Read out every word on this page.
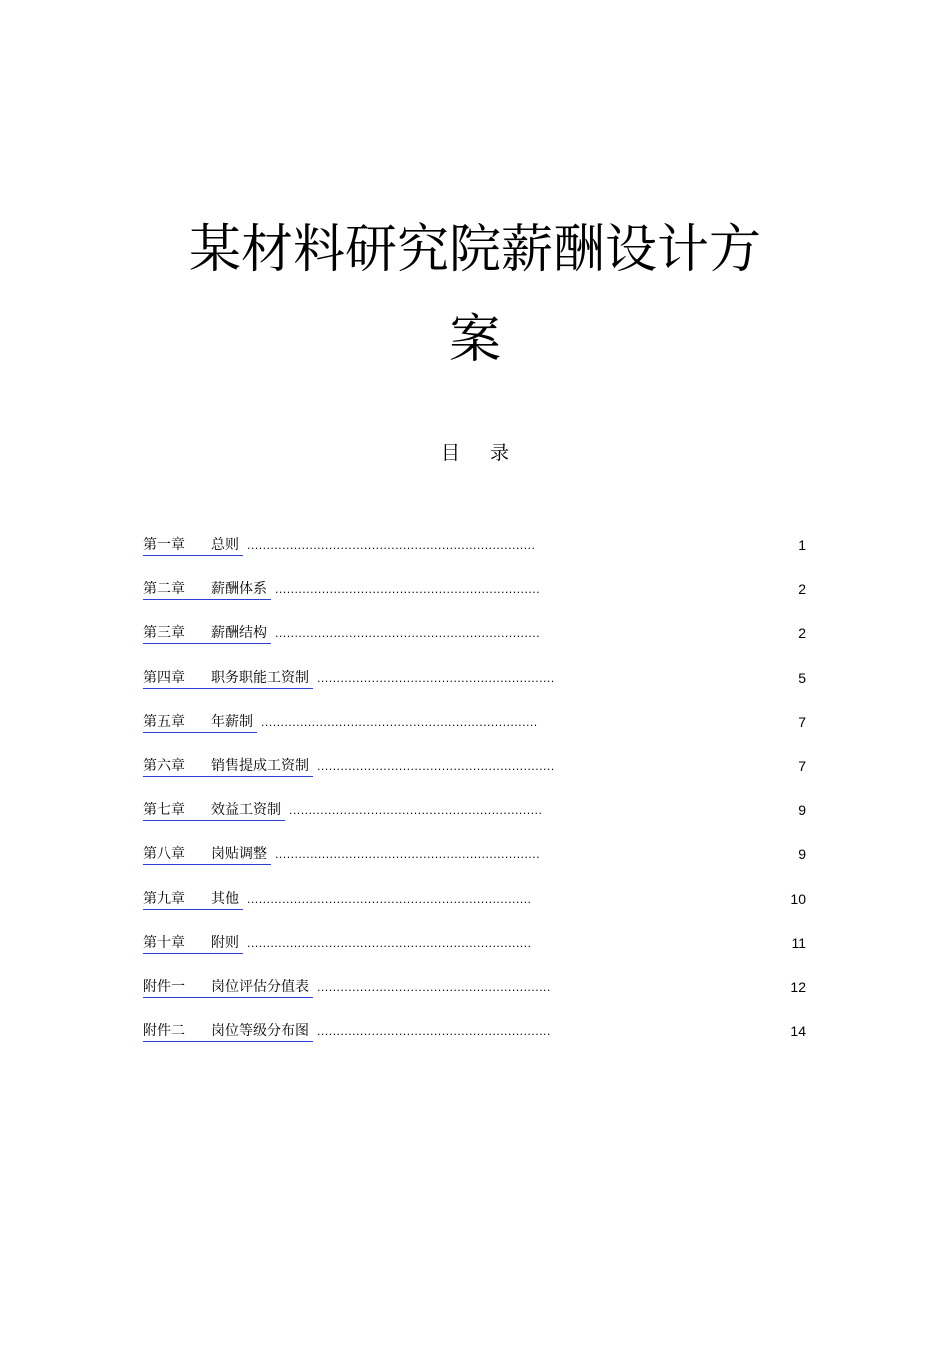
某材料研究院薪酬设计方
案
目录
第一章 总则 ..........................................................................	1
第二章 薪酬体系 ....................................................................	2
第三章 薪酬结构 ....................................................................	2
第四章 职务职能工资制 .............................................................	5
第五章 年薪制 .......................................................................	7
第六章 销售提成工资制 .............................................................	7
第七章 效益工资制 .................................................................	9
第八章 岗贴调整 ....................................................................	9
第九章 其他 .........................................................................	10
第十章 附则 .........................................................................	11
附件一 岗位评估分值表 ............................................................	12
附件二 岗位等级分布图 ............................................................	14
